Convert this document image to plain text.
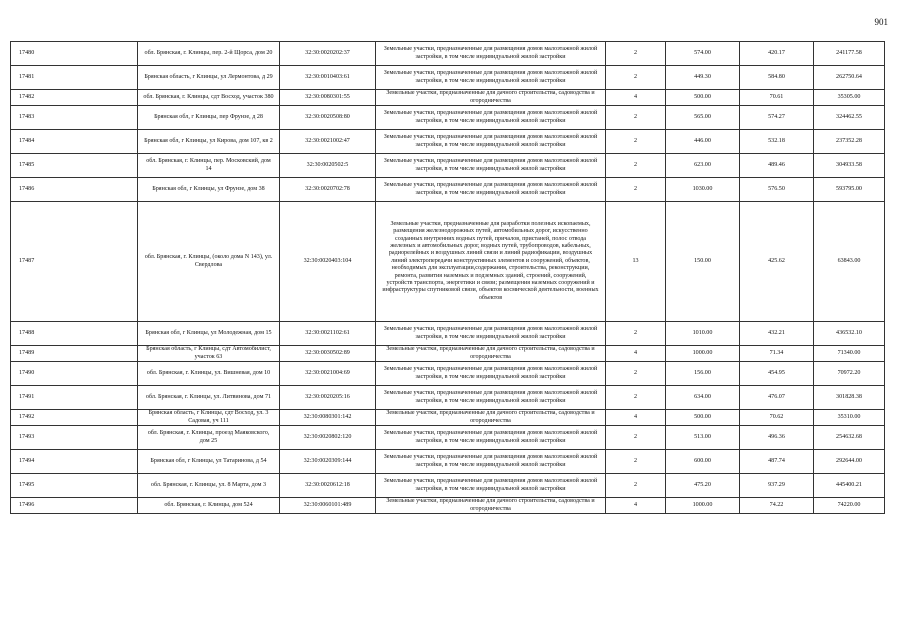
901
17480	обл. Брянская, г. Клинцы, пер. 2-й Щорса, дом 20	32:30:0020202:37	Земельные участки, предназначенные для размещения домов малоэтажной жилой застройки, в том числе индивидуальной жилой застройки	2	574.00	420.17	241177.58
17481	Брянская область, г Клинцы, ул Лермонтова, д 29	32:30:0010403:61	Земельные участки, предназначенные для размещения домов малоэтажной жилой застройки, в том числе индивидуальной жилой застройки	2	449.30	584.80	262750.64
17482	обл. Брянская, г. Клинцы, сдт Восход, участок 380	32:30:0080301:55	Земельные участки, предназначенные для дачного строительства, садоводства и огородничества	4	500.00	70.61	35305.00
17483	Брянская обл, г Клинцы, пер Фрунзе, д 28	32:30:0020508:80	Земельные участки, предназначенные для размещения домов малоэтажной жилой застройки, в том числе индивидуальной жилой застройки	2	565.00	574.27	324462.55
17484	Брянская обл, г Клинцы, ул Кирова, дом 107, кв 2	32:30:0021002:47	Земельные участки, предназначенные для размещения домов малоэтажной жилой застройки, в том числе индивидуальной жилой застройки	2	446.00	532.18	237352.28
17485	обл. Брянская, г. Клинцы, пер. Московский, дом 14	32:30:0020502:5	Земельные участки, предназначенные для размещения домов малоэтажной жилой застройки, в том числе индивидуальной жилой застройки	2	623.00	489.46	304933.58
17486	Брянская обл, г Клинцы, ул Фрунзе, дом 38	32:30:0020702:78	Земельные участки, предназначенные для размещения домов малоэтажной жилой застройки, в том числе индивидуальной жилой застройки	2	1030.00	576.50	593795.00
17487	обл. Брянская, г. Клинцы, (около дома N 143), ул. Свердлова	32:30:0020403:104	Земельные участки, предназначенные для разработки полезных ископаемых, размещения железнодорожных путей, автомобильных дорог, искусственно созданных внутренних водных путей, причалов, пристаней, полос отвода железных и автомобильных дорог, водных путей, трубопроводов, кабельных, радиорелейных и воздушных линий связи и линий радиофикации, воздушных линий электропередачи конструктивных элементов и сооружений, объектов, необходимых для эксплуатации,содержания, строительства, реконструкции, ремонта, развития наземных и подземных зданий, строений, сооружений, устройств транспорта, энергетики и связи; размещения наземных сооружений и инфраструктуры спутниковой связи, объектов космической деятельности, военных объектов	13	150.00	425.62	63843.00
17488	Брянская обл, г Клинцы, ул Молодежная, дом 15	32:30:0021102:61	Земельные участки, предназначенные для размещения домов малоэтажной жилой застройки, в том числе индивидуальной жилой застройки	2	1010.00	432.21	436532.10
17489	Брянская область, г Клинцы, сдт Автомобилист, участок 63	32:30:0030502:89	Земельные участки, предназначенные для дачного строительства, садоводства и огородничества	4	1000.00	71.34	71340.00
17490	обл. Брянская, г. Клинцы, ул. Вишневая, дом 10	32:30:0021004:69	Земельные участки, предназначенные для размещения домов малоэтажной жилой застройки, в том числе индивидуальной жилой застройки	2	156.00	454.95	70972.20
17491	обл. Брянская, г. Клинцы, ул. Литвинова, дом 71	32:30:0020205:16	Земельные участки, предназначенные для размещения домов малоэтажной жилой застройки, в том числе индивидуальной жилой застройки	2	634.00	476.07	301828.38
17492	Брянская область, г Клинцы, сдт Восход, ул. 3 Садовая, уч 111	32:30:0080301:142	Земельные участки, предназначенные для дачного строительства, садоводства и огородничества	4	500.00	70.62	35310.00
17493	обл. Брянская, г. Клинцы, проезд Маяковского, дом 25	32:30:0020802:120	Земельные участки, предназначенные для размещения домов малоэтажной жилой застройки, в том числе индивидуальной жилой застройки	2	513.00	496.36	254632.68
17494	Брянская обл, г Клинцы, ул Татаринова, д 54	32:30:0020309:144	Земельные участки, предназначенные для размещения домов малоэтажной жилой застройки, в том числе индивидуальной жилой застройки	2	600.00	487.74	292644.00
17495	обл. Брянская, г. Клинцы, ул. 8 Марта, дом 3	32:30:0020612:18	Земельные участки, предназначенные для размещения домов малоэтажной жилой застройки, в том числе индивидуальной жилой застройки	2	475.20	937.29	445400.21
17496	обл. Брянская, г. Клинцы, дом 524	32:30:0060101:489	Земельные участки, предназначенные для дачного строительства, садоводства и огородничества	4	1000.00	74.22	74220.00
